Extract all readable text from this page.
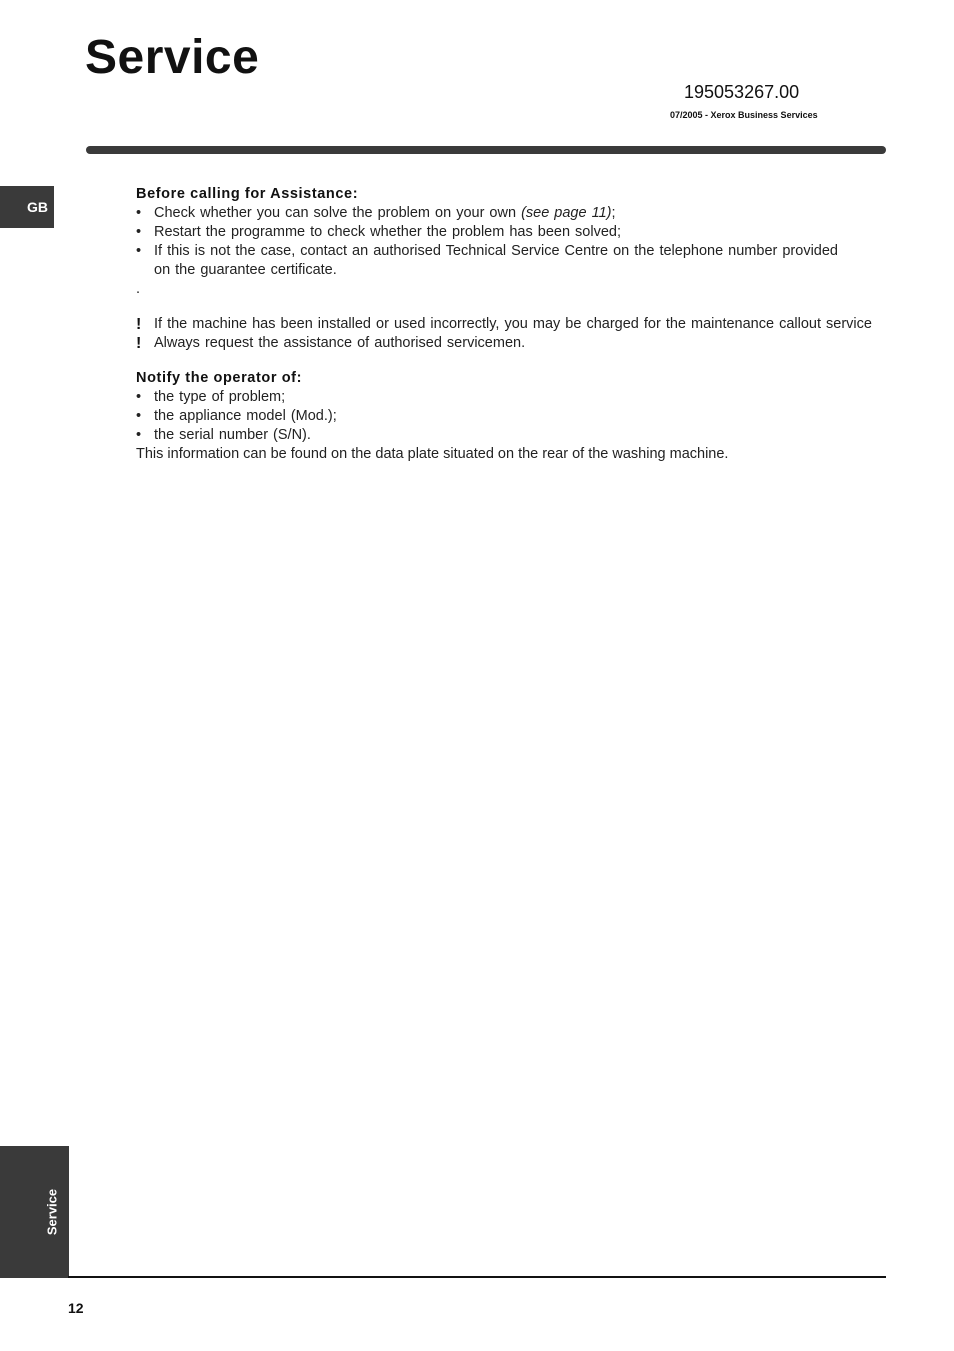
Service
195053267.00
07/2005 - Xerox Business Services
GB
Before calling for Assistance:
• Check whether you can solve the problem on your own (see page 11);
• Restart the programme to check whether the problem has been solved;
• If this is not the case, contact an authorised Technical Service Centre on the telephone number provided on the guarantee certificate.
.
! If the machine has been installed or used incorrectly, you may be charged for the maintenance callout service
! Always request the assistance of authorised servicemen.
Notify the operator of:
• the type of problem;
• the appliance model (Mod.);
• the serial number (S/N).
This information can be found on the data plate situated on the rear of the washing machine.
Service
12
